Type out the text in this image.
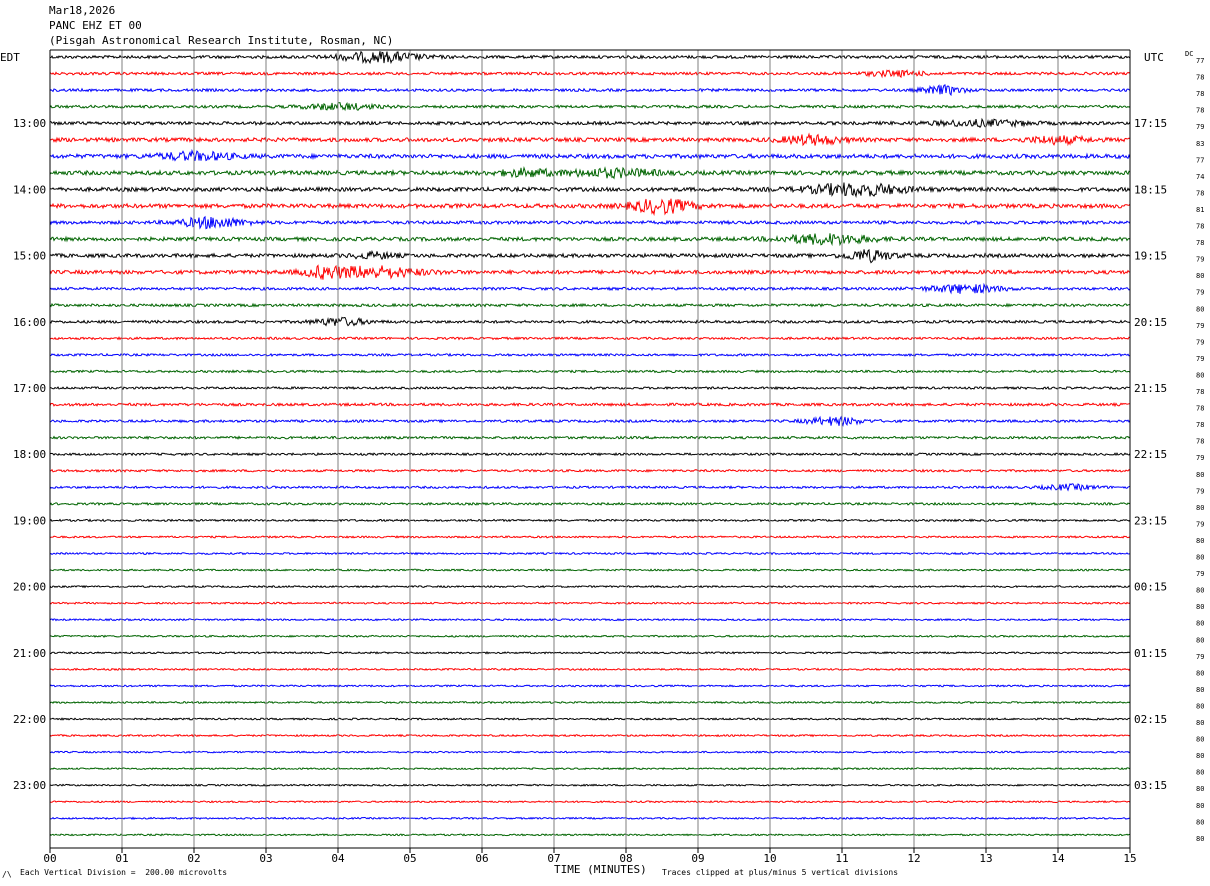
Mar18,2026
PANC EHZ ET 00
(Pisgah Astronomical Research Institute, Rosman, NC)
00	01	02	03	04	05	06	07	08	09	10	11	12	13	14	15
EDT	UTC	DC
13:00
14:00
15:00
16:00
17:00
18:00
19:00
20:00
21:00
22:00
23:00
17:15
18:15
19:15
20:15
21:15
22:15
23:15
00:15
01:15
02:15
03:15
77
78
78
78
79
83
77
74
78
81
78
78
79
80
79
80
79
79
79
80
78
78
78
78
79
80
79
80
79
80
80
79
80
80
80
80
79
80
80
80
80
80
80
80
80
80
80
80
∕\ Each Vertical Division =  200.00 microvolts	TIME (MINUTES) Traces clipped at plus/minus 5 vertical divisions
